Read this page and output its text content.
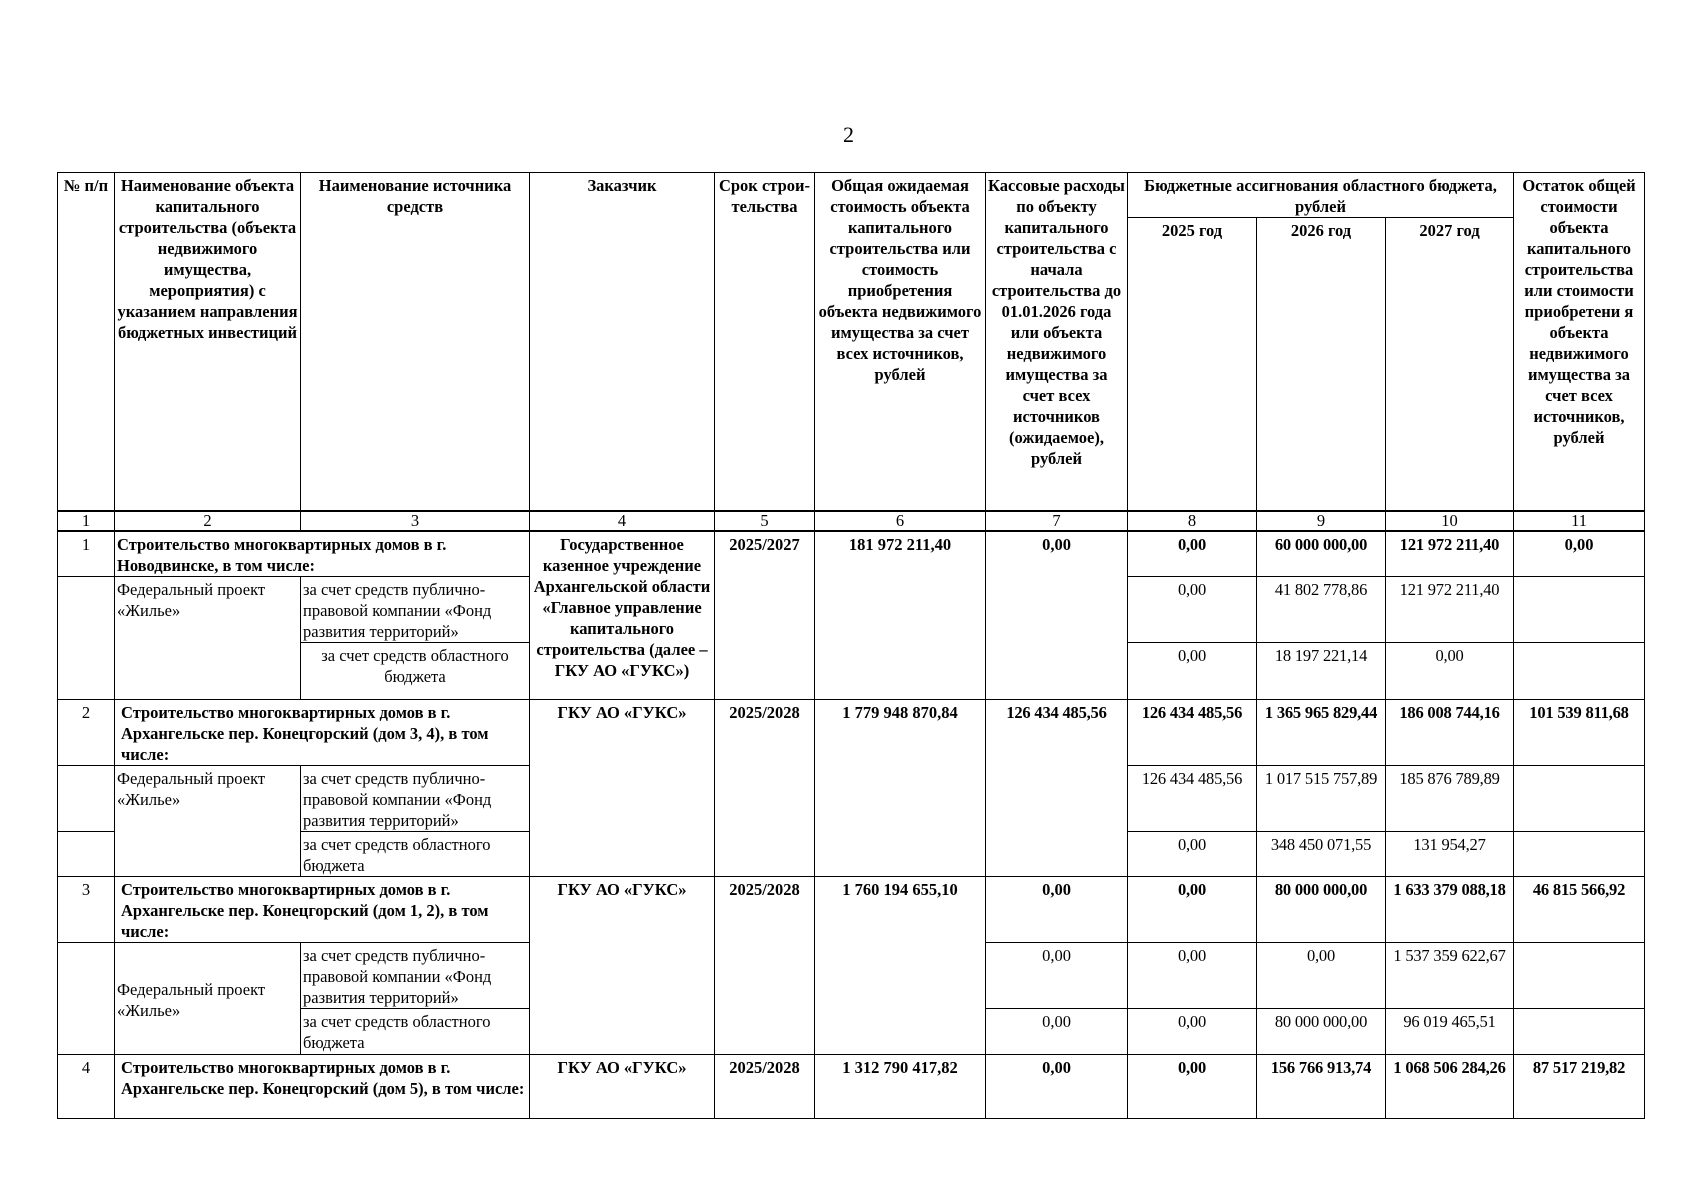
2
№ п/п	Наименование объекта капитального строительства (объекта недвижимого имущества, мероприятия) с указанием направления бюджетных инвестиций	Наименование источника средств	Заказчик	Срок строи-тельства	Общая ожидаемая стоимость объекта капитального строительства или стоимость приобретения объекта недвижимого имущества за счет всех источников, рублей	Кассовые расходы по объекту капитального строительства с начала строительства до 01.01.2026 года или объекта недвижимого имущества за счет всех источников (ожидаемое), рублей	Бюджетные ассигнования областного бюджета, рублей			Остаток общей стоимости объекта капитального строительства или стоимости приобретени я объекта недвижимого имущества за счет всех источников, рублей
							2025 год	2026 год	2027 год	
1	2	3	4	5	6	7	8	9	10	11
1	Строительство многоквартирных домов в г. Новодвинске, в том числе:		Государственное казенное учреждение Архангельской области «Главное управление капитального строительства (далее – ГКУ АО «ГУКС»)	2025/2027	181 972 211,40	0,00	0,00	60 000 000,00	121 972 211,40	0,00
	Федеральный проект «Жилье»	за счет средств публично-правовой компании «Фонд развития территорий»					0,00	41 802 778,86	121 972 211,40	
		за счет средств областного бюджета					0,00	18 197 221,14	0,00	
2	Строительство многоквартирных домов в г. Архангельске пер. Конецгорский (дом 3, 4), в том числе:		ГКУ АО «ГУКС»	2025/2028	1 779 948 870,84	126 434 485,56	126 434 485,56	1 365 965 829,44	186 008 744,16	101 539 811,68
	Федеральный проект «Жилье»	за счет средств публично-правовой компании «Фонд развития территорий»					126 434 485,56	1 017 515 757,89	185 876 789,89	
		за счет средств областного бюджета					0,00	348 450 071,55	131 954,27	
3	Строительство многоквартирных домов в г. Архангельске пер. Конецгорский (дом 1, 2), в том числе:		ГКУ АО «ГУКС»	2025/2028	1 760 194 655,10	0,00	0,00	80 000 000,00	1 633 379 088,18	46 815 566,92
	Федеральный проект «Жилье»	за счет средств публично-правовой компании «Фонд развития территорий»				0,00	0,00	0,00	1 537 359 622,67	
		за счет средств областного бюджета				0,00	0,00	80 000 000,00	96 019 465,51	
4	Строительство многоквартирных домов в г. Архангельске пер. Конецгорский (дом 5), в том числе:		ГКУ АО «ГУКС»	2025/2028	1 312 790 417,82	0,00	0,00	156 766 913,74	1 068 506 284,26	87 517 219,82
